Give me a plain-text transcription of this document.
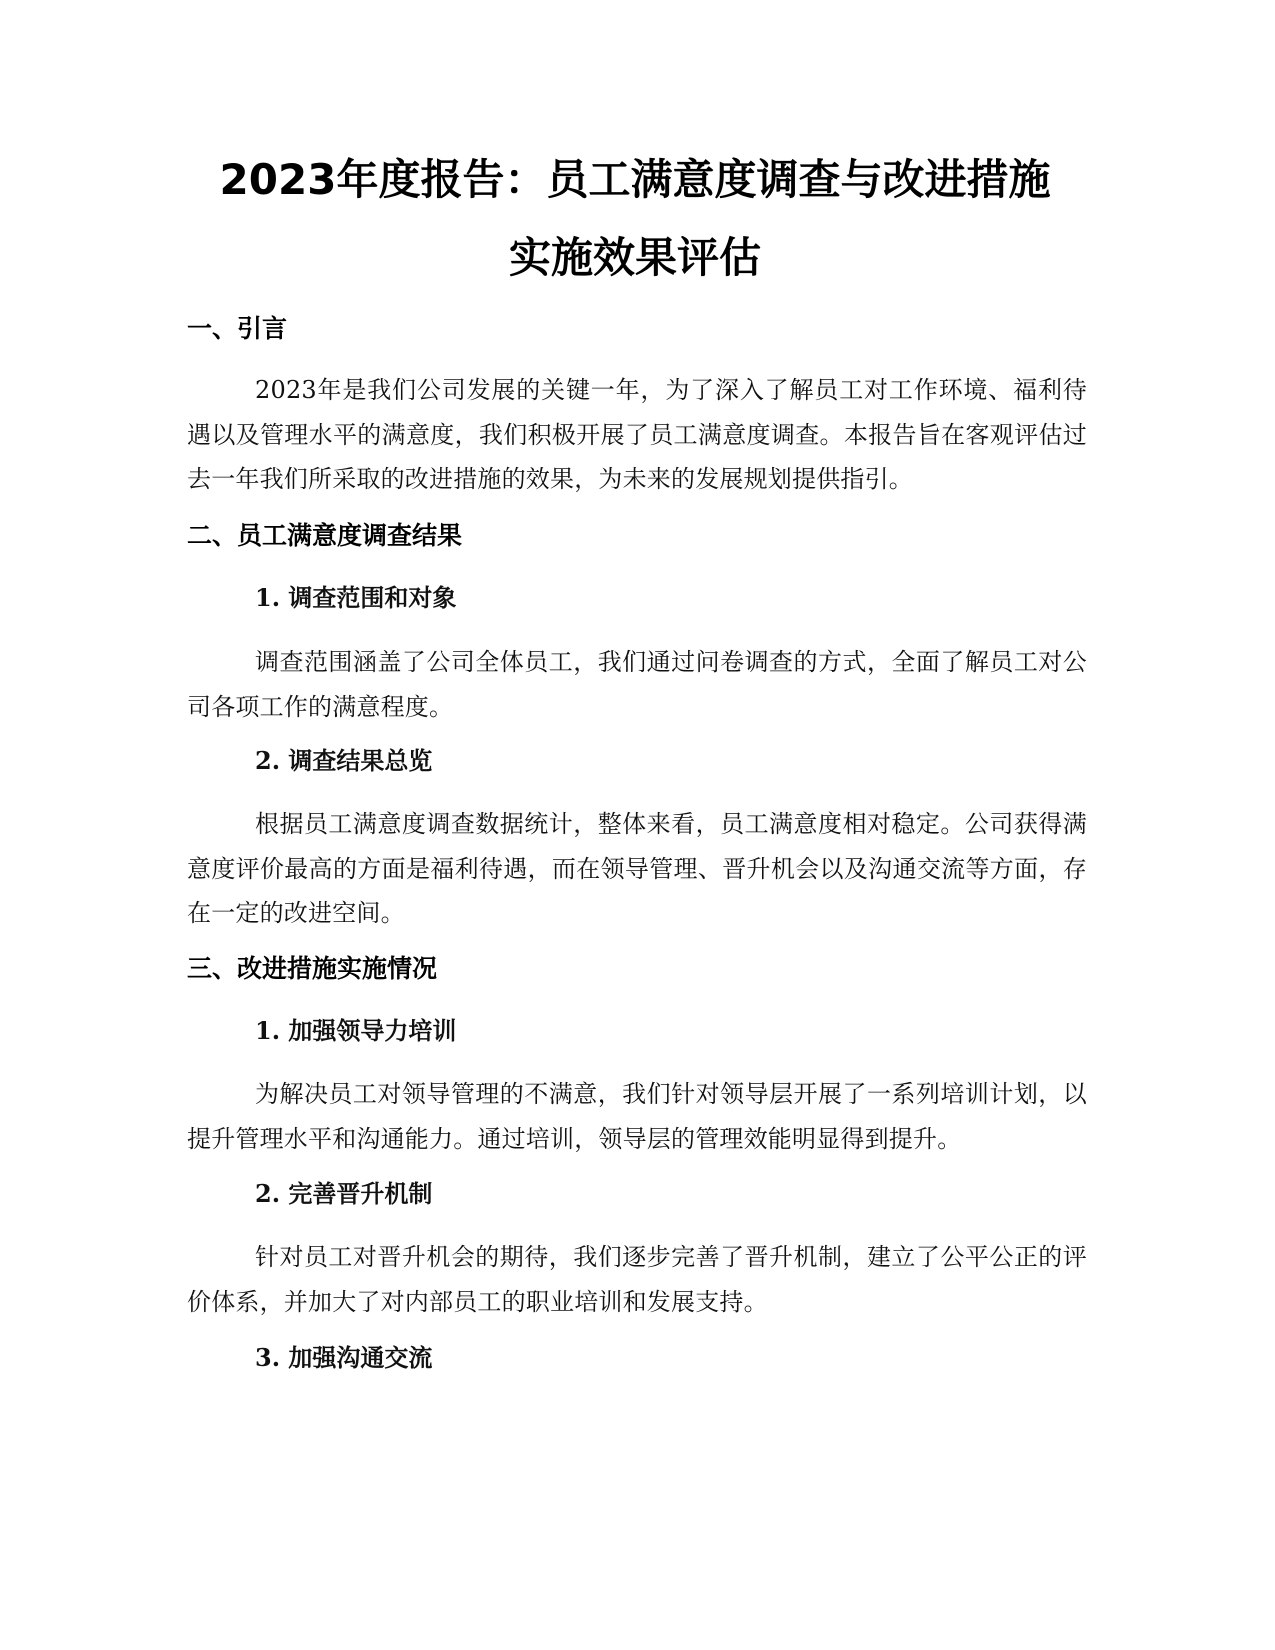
2023年度报告：员工满意度调查与改进措施
实施效果评估
一、引言

2023年是我们公司发展的关键一年，为了深入了解员工对工作环境、福利待遇以及管理水平的满意度，我们积极开展了员工满意度调查。本报告旨在客观评估过去一年我们所采取的改进措施的效果，为未来的发展规划提供指引。

二、员工满意度调查结果
1. 调查范围和对象

调查范围涵盖了公司全体员工，我们通过问卷调查的方式，全面了解员工对公司各项工作的满意程度。

2. 调查结果总览

根据员工满意度调查数据统计，整体来看，员工满意度相对稳定。公司获得满意度评价最高的方面是福利待遇，而在领导管理、晋升机会以及沟通交流等方面，存在一定的改进空间。

三、改进措施实施情况
1. 加强领导力培训

为解决员工对领导管理的不满意，我们针对领导层开展了一系列培训计划，以提升管理水平和沟通能力。通过培训，领导层的管理效能明显得到提升。

2. 完善晋升机制

针对员工对晋升机会的期待，我们逐步完善了晋升机制，建立了公平公正的评价体系，并加大了对内部员工的职业培训和发展支持。

3. 加强沟通交流
